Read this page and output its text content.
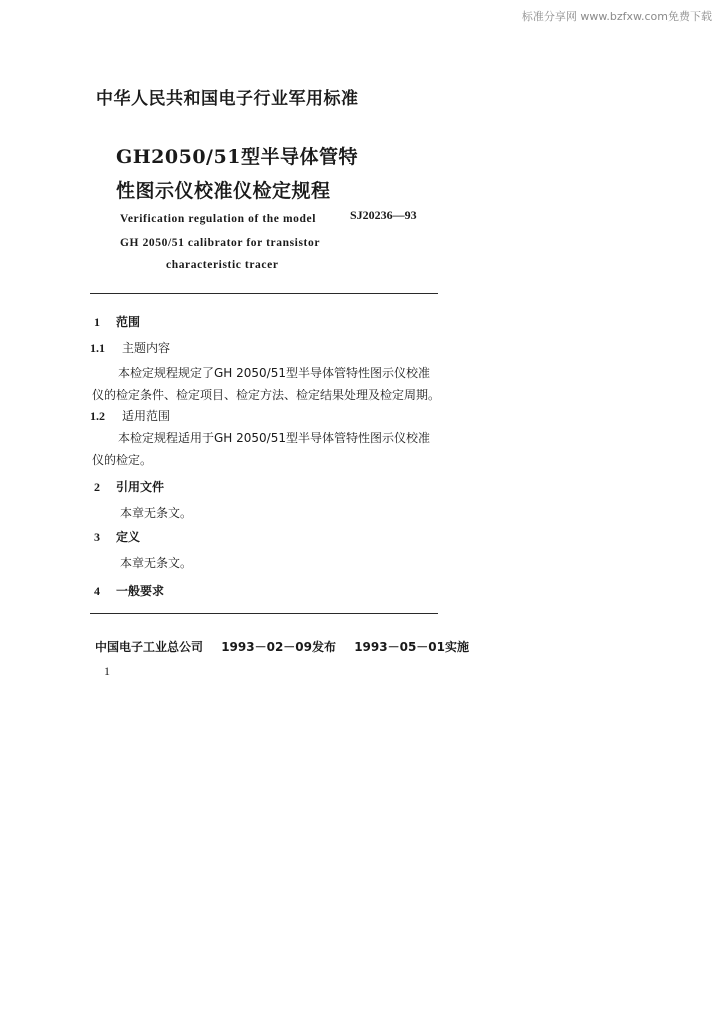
标准分享网 www.bzfxw.com免费下载
中华人民共和国电子行业军用标准
GH2050/51型半导体管特
性图示仪校准仪检定规程
Verification regulation of the model
GH 2050/51 calibrator for transistor
characteristic tracer
SJ20236—93
1 范围
1.1 主题内容
本检定规程规定了GH 2050/51型半导体管特性图示仪校准
仪的检定条件、检定项目、检定方法、检定结果处理及检定周期。
1.2 适用范围
本检定规程适用于GH 2050/51型半导体管特性图示仪校准
仪的检定。
2 引用文件
本章无条文。
3 定义
本章无条文。
4 一般要求
中国电子工业总公司 1993－02－09发布 1993－05－01实施
1
